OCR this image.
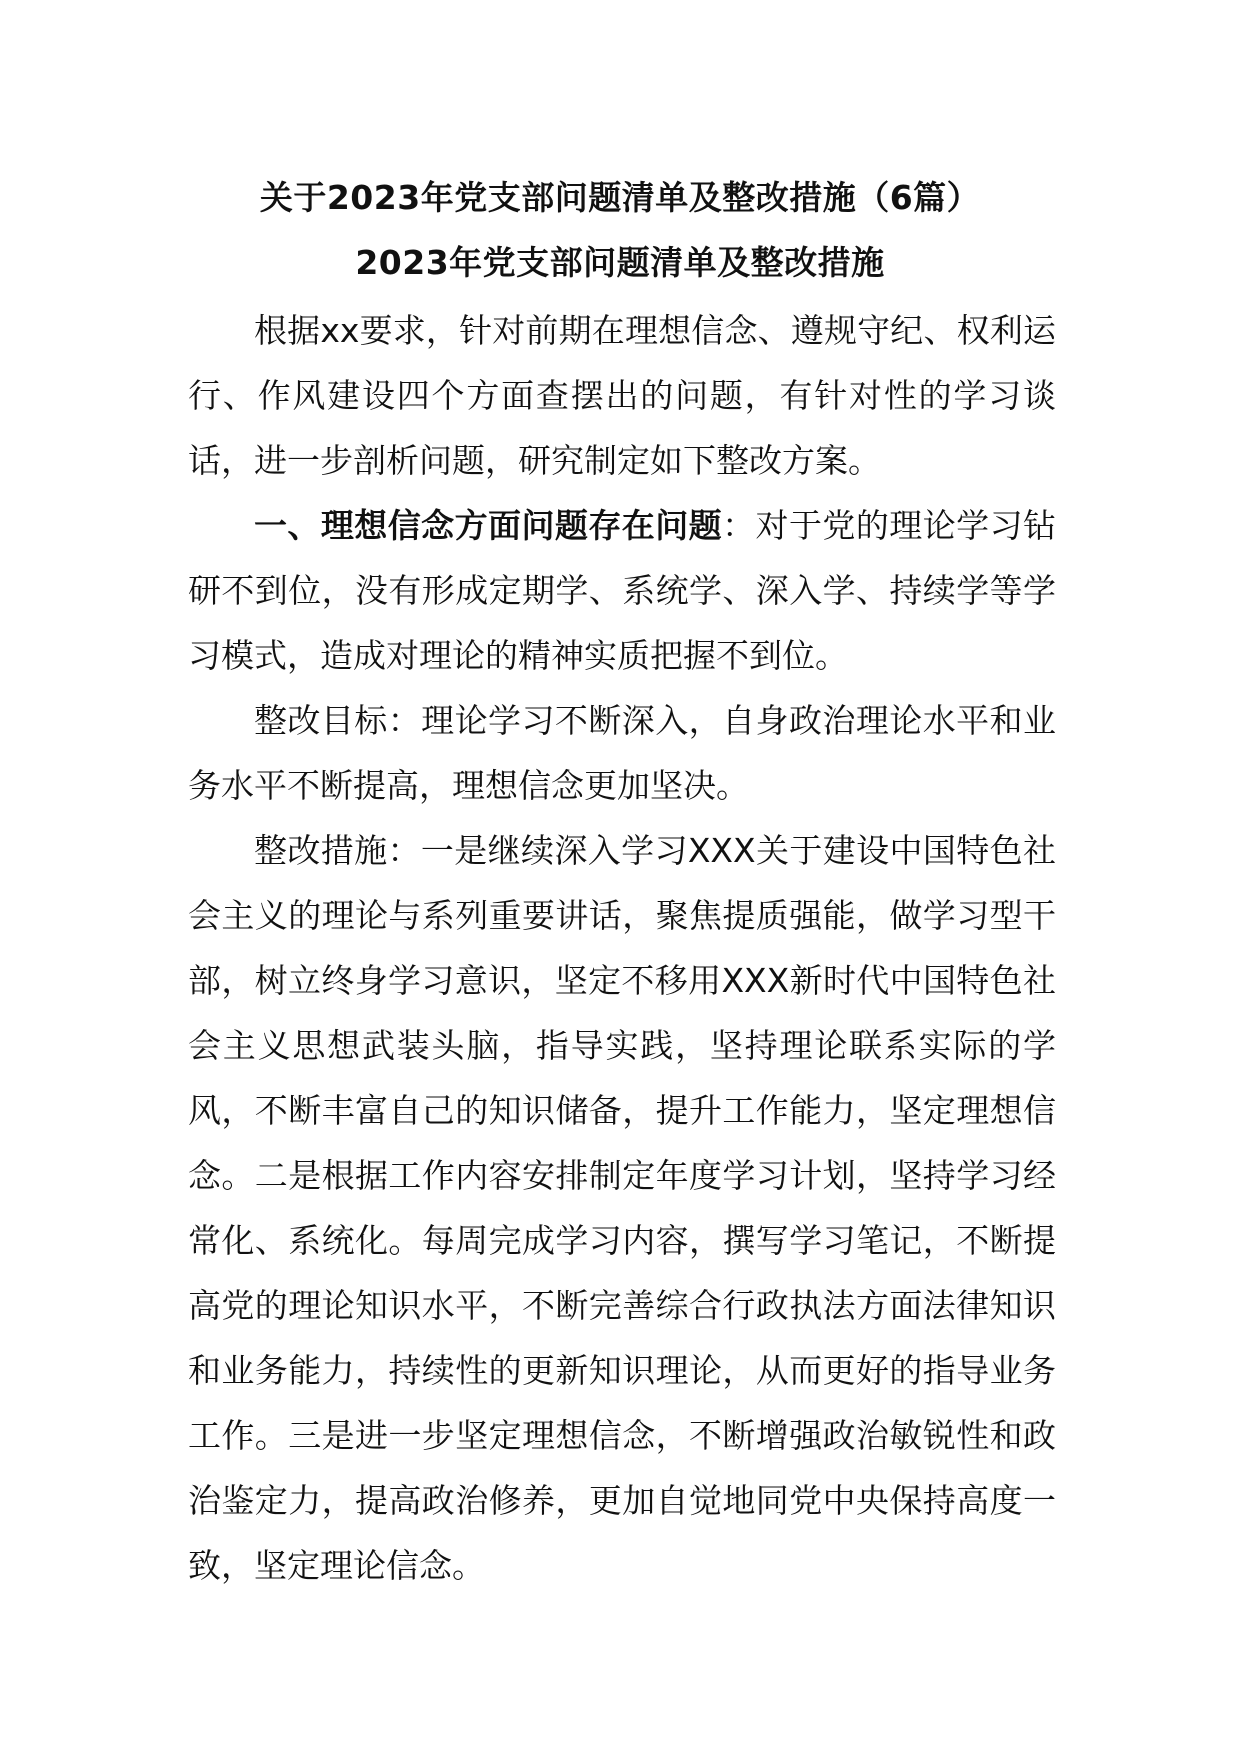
关于2023年党支部问题清单及整改措施（6篇）
2023年党支部问题清单及整改措施

根据xx要求，针对前期在理想信念、遵规守纪、权利运行、作风建设四个方面查摆出的问题，有针对性的学习谈话，进一步剖析问题，研究制定如下整改方案。

一、理想信念方面问题存在问题：对于党的理论学习钻研不到位，没有形成定期学、系统学、深入学、持续学等学习模式，造成对理论的精神实质把握不到位。

整改目标：理论学习不断深入，自身政治理论水平和业务水平不断提高，理想信念更加坚决。

整改措施：一是继续深入学习XXX关于建设中国特色社会主义的理论与系列重要讲话，聚焦提质强能，做学习型干部，树立终身学习意识，坚定不移用XXX新时代中国特色社会主义思想武装头脑，指导实践，坚持理论联系实际的学风，不断丰富自己的知识储备，提升工作能力，坚定理想信念。二是根据工作内容安排制定年度学习计划，坚持学习经常化、系统化。每周完成学习内容，撰写学习笔记，不断提高党的理论知识水平，不断完善综合行政执法方面法律知识和业务能力，持续性的更新知识理论，从而更好的指导业务工作。三是进一步坚定理想信念，不断增强政治敏锐性和政治鉴定力，提高政治修养，更加自觉地同党中央保持高度一致，坚定理论信念。
